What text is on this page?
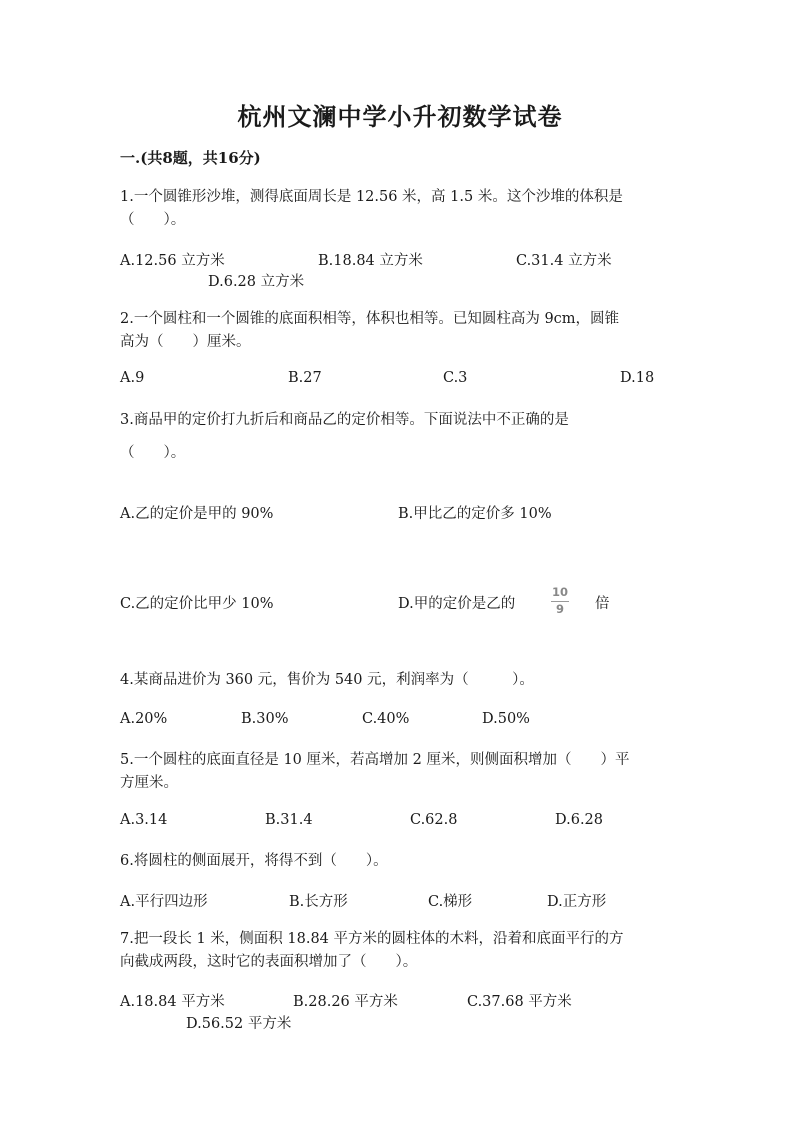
杭州文澜中学小升初数学试卷
一.(共8题，共16分)
1.一个圆锥形沙堆，测得底面周长是 12.56 米，高 1.5 米。这个沙堆的体积是
（　　）。
A.12.56 立方米	B.18.84 立方米	C.31.4 立方米
D.6.28 立方米
2.一个圆柱和一个圆锥的底面积相等，体积也相等。已知圆柱高为 9cm，圆锥
高为（　　）厘米。
A.9	B.27	C.3	D.18
3.商品甲的定价打九折后和商品乙的定价相等。下面说法中不正确的是
（　　）。
A.乙的定价是甲的 90%	B.甲比乙的定价多 10%
C.乙的定价比甲少 10%	D.甲的定价是乙的
10
9	倍
4.某商品进价为 360 元，售价为 540 元，利润率为（　　　）。
A.20%	B.30%	C.40%	D.50%
5.一个圆柱的底面直径是 10 厘米，若高增加 2 厘米，则侧面积增加（　　）平
方厘米。
A.3.14	B.31.4	C.62.8	D.6.28
6.将圆柱的侧面展开，将得不到（　　）。
A.平行四边形	B.长方形	C.梯形	D.正方形
7.把一段长 1 米，侧面积 18.84 平方米的圆柱体的木料，沿着和底面平行的方
向截成两段，这时它的表面积增加了（　　）。
A.18.84 平方米	B.28.26 平方米	C.37.68 平方米
D.56.52 平方米
